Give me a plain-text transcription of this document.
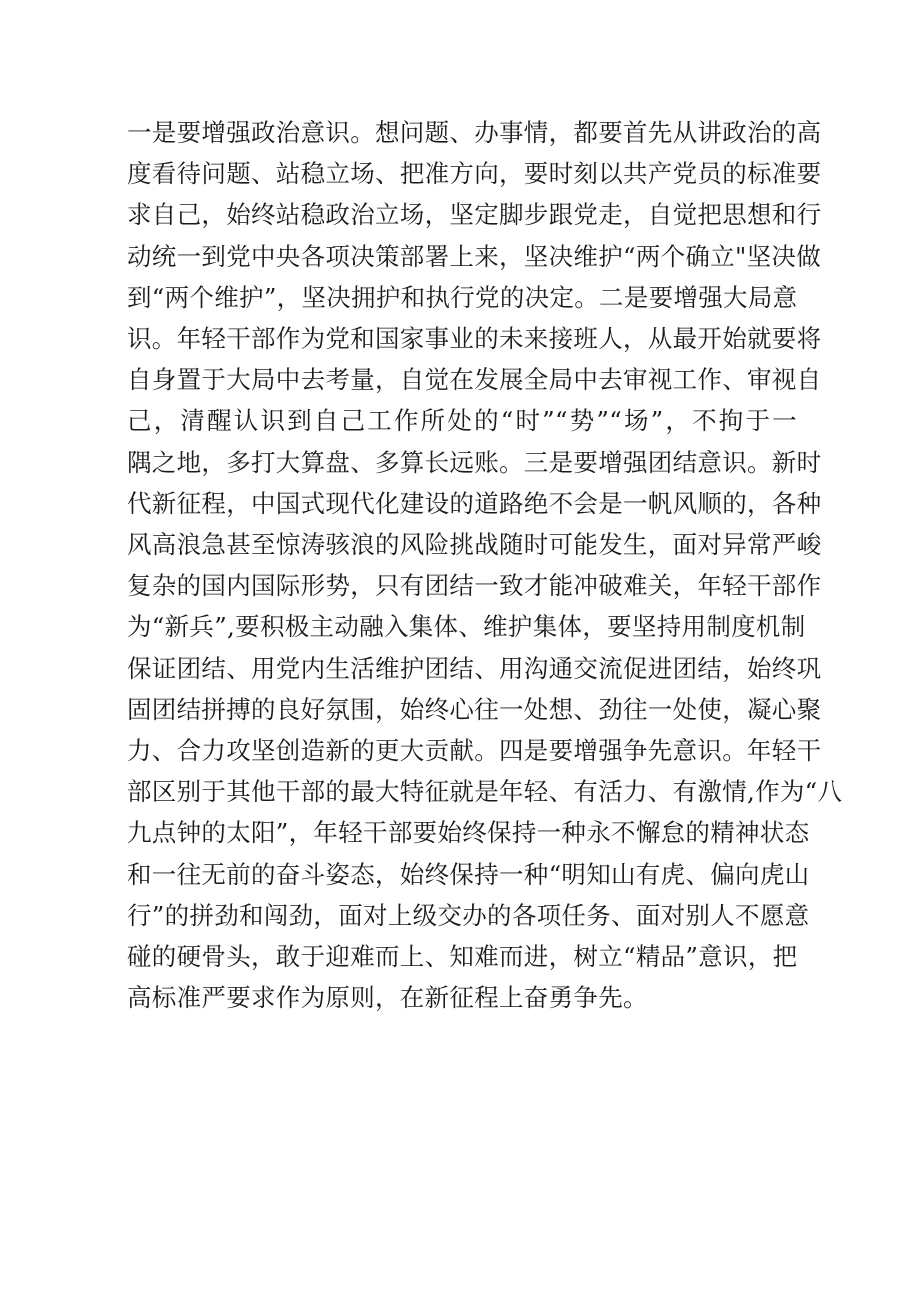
一是要增强政治意识。想问题、办事情，都要首先从讲政治的高
度看待问题、站稳立场、把准方向，要时刻以共产党员的标准要
求自己，始终站稳政治立场，坚定脚步跟党走，自觉把思想和行
动统一到党中央各项决策部署上来，坚决维护“两个确立"坚决做
到“两个维护”，坚决拥护和执行党的决定。二是要增强大局意
识。年轻干部作为党和国家事业的未来接班人，从最开始就要将
自身置于大局中去考量，自觉在发展全局中去审视工作、审视自
己，清醒认识到自己工作所处的“时”“势”“场”，不拘于一
隅之地，多打大算盘、多算长远账。三是要增强团结意识。新时
代新征程，中国式现代化建设的道路绝不会是一帆风顺的，各种
风高浪急甚至惊涛骇浪的风险挑战随时可能发生，面对异常严峻
复杂的国内国际形势，只有团结一致才能冲破难关，年轻干部作
为“新兵”,要积极主动融入集体、维护集体，要坚持用制度机制
保证团结、用党内生活维护团结、用沟通交流促进团结，始终巩
固团结拼搏的良好氛围，始终心往一处想、劲往一处使，凝心聚
力、合力攻坚创造新的更大贡献。四是要增强争先意识。年轻干
部区别于其他干部的最大特征就是年轻、有活力、有激情,作为“八
九点钟的太阳”，年轻干部要始终保持一种永不懈怠的精神状态
和一往无前的奋斗姿态，始终保持一种“明知山有虎、偏向虎山
行”的拼劲和闯劲，面对上级交办的各项任务、面对别人不愿意
碰的硬骨头，敢于迎难而上、知难而进，树立“精品”意识，把
高标准严要求作为原则，在新征程上奋勇争先。
